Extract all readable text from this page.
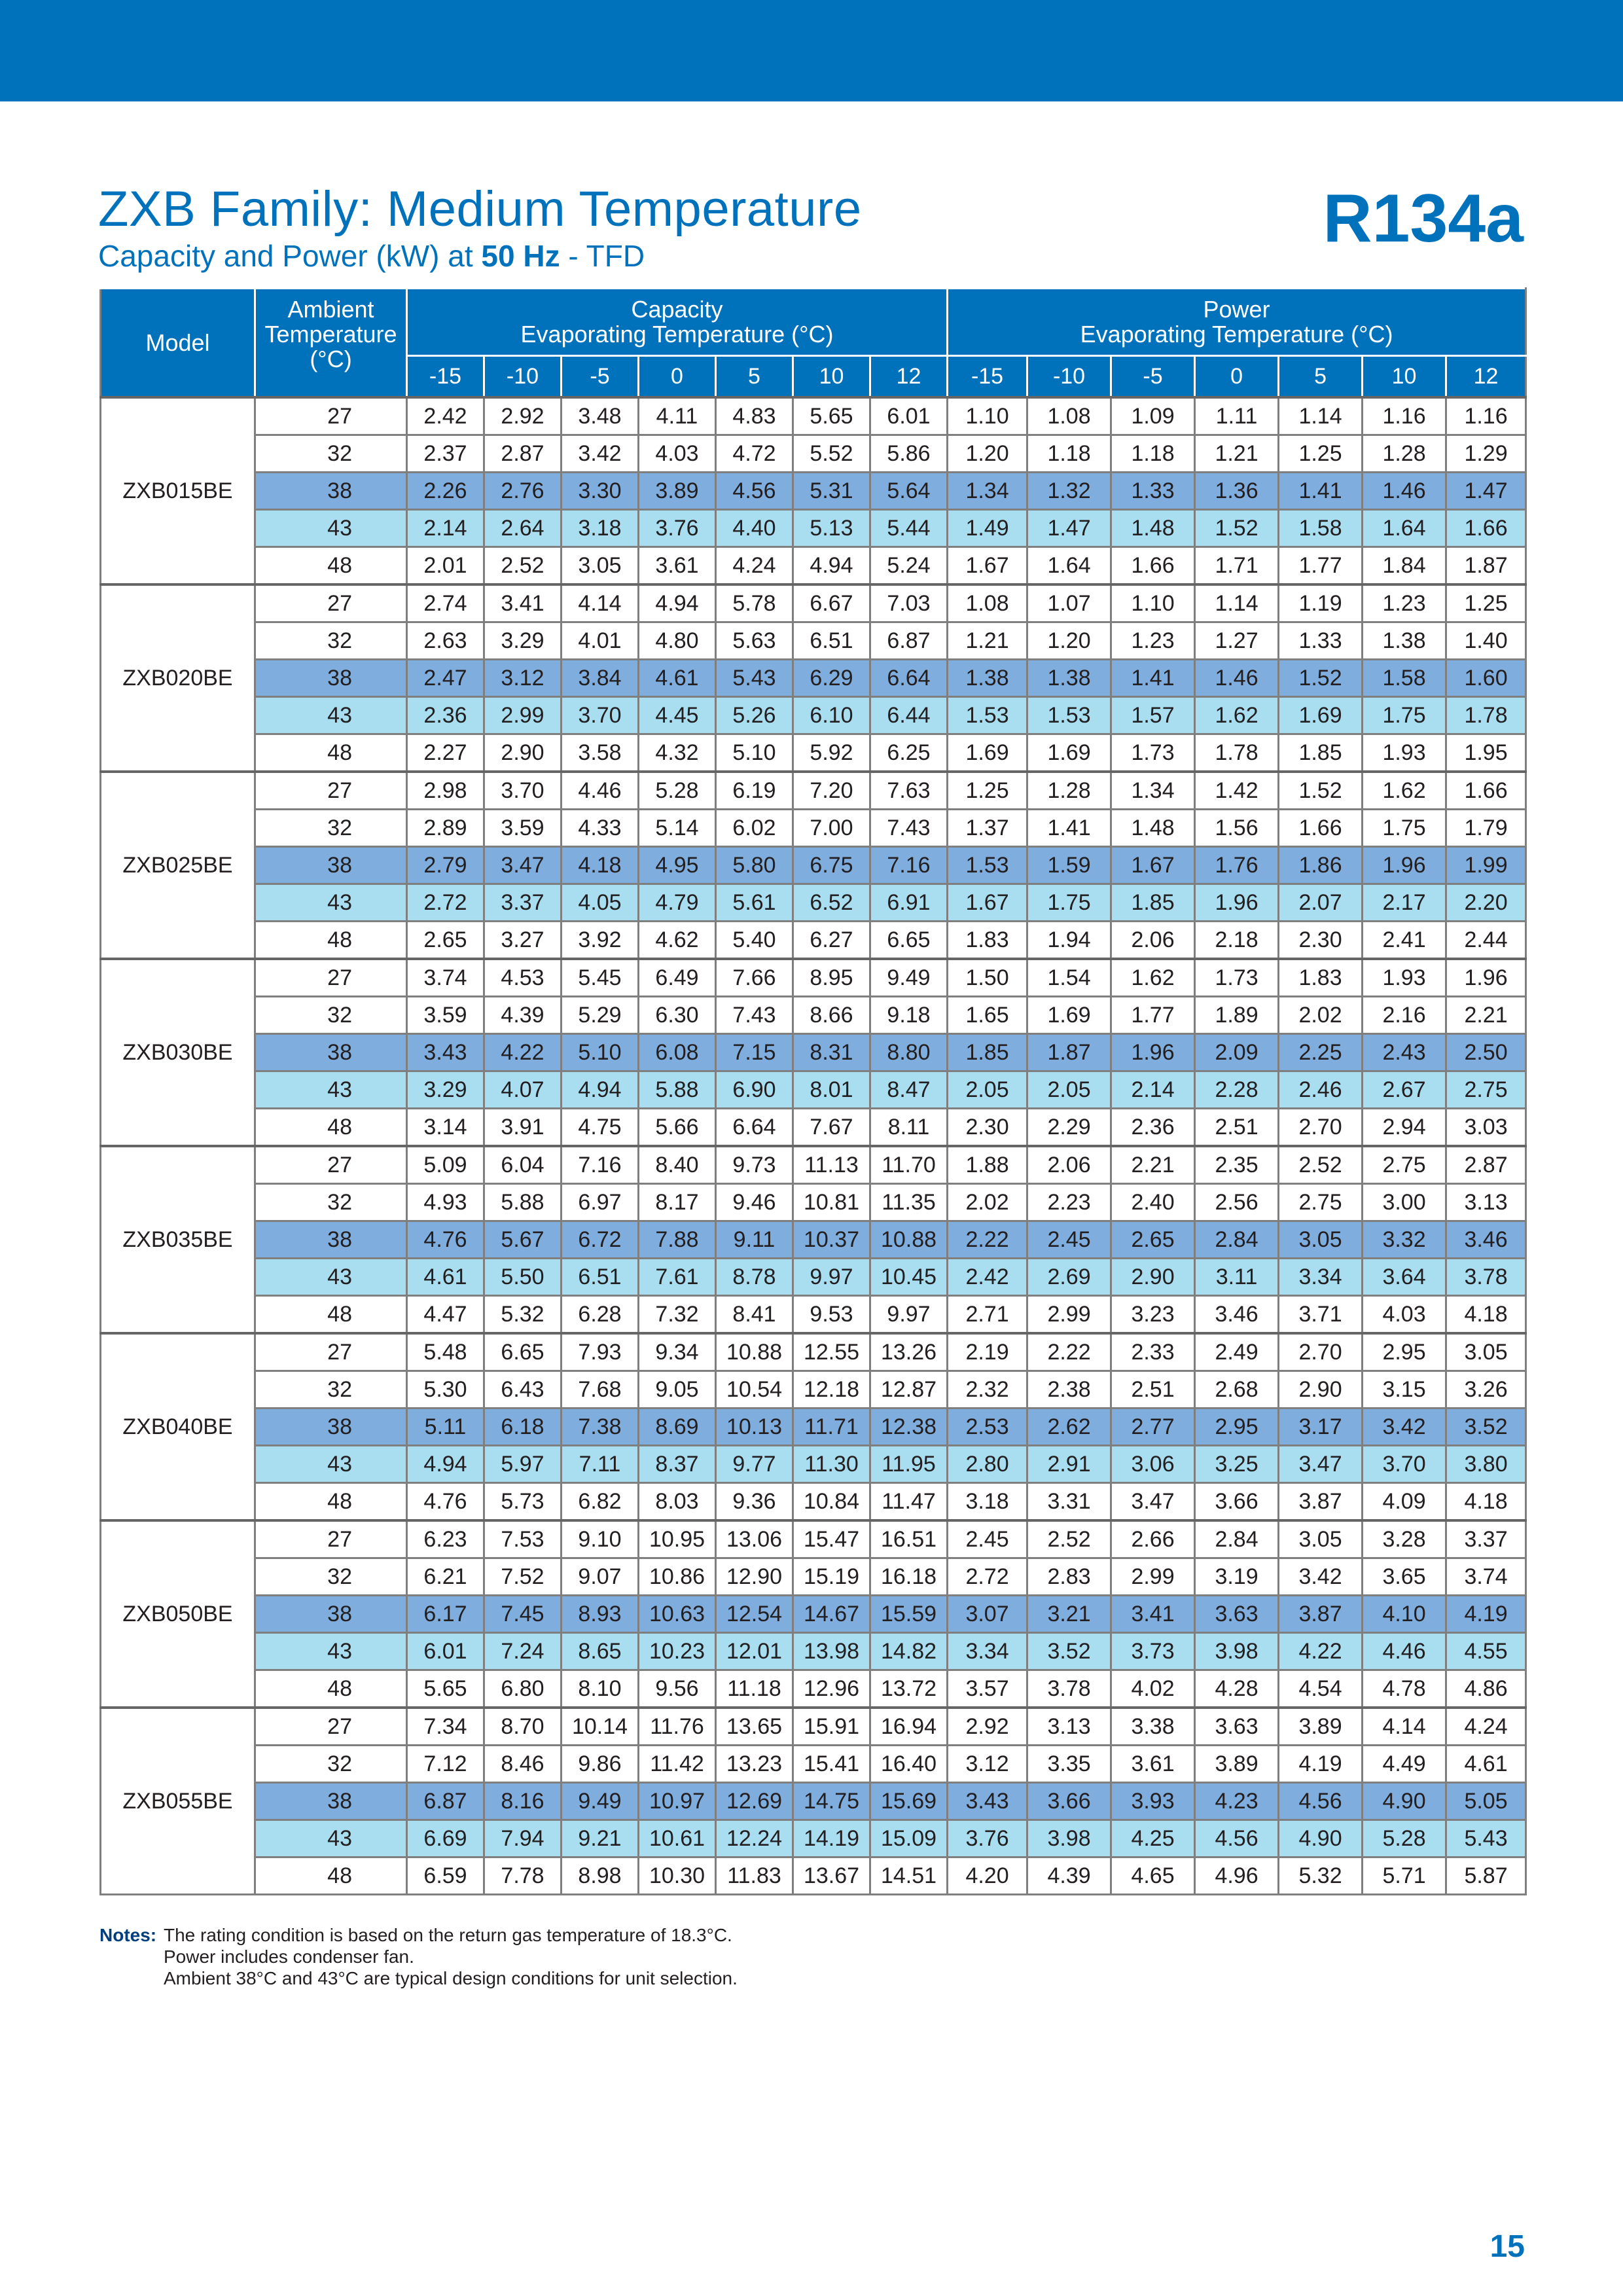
ZXB Family: Medium Temperature
Capacity and Power (kW) at 50 Hz - TFD	R134a
Model	Ambient
Temperature
(°C)	Capacity
Evaporating Temperature (°C)							Power
Evaporating Temperature (°C)						
		-15	-10	-5	0	5	10	12	-15	-10	-5	0	5	10	12
ZXB015BE	27	2.42	2.92	3.48	4.11	4.83	5.65	6.01	1.10	1.08	1.09	1.11	1.14	1.16	1.16
	32	2.37	2.87	3.42	4.03	4.72	5.52	5.86	1.20	1.18	1.18	1.21	1.25	1.28	1.29
	38	2.26	2.76	3.30	3.89	4.56	5.31	5.64	1.34	1.32	1.33	1.36	1.41	1.46	1.47
	43	2.14	2.64	3.18	3.76	4.40	5.13	5.44	1.49	1.47	1.48	1.52	1.58	1.64	1.66
	48	2.01	2.52	3.05	3.61	4.24	4.94	5.24	1.67	1.64	1.66	1.71	1.77	1.84	1.87
ZXB020BE	27	2.74	3.41	4.14	4.94	5.78	6.67	7.03	1.08	1.07	1.10	1.14	1.19	1.23	1.25
	32	2.63	3.29	4.01	4.80	5.63	6.51	6.87	1.21	1.20	1.23	1.27	1.33	1.38	1.40
	38	2.47	3.12	3.84	4.61	5.43	6.29	6.64	1.38	1.38	1.41	1.46	1.52	1.58	1.60
	43	2.36	2.99	3.70	4.45	5.26	6.10	6.44	1.53	1.53	1.57	1.62	1.69	1.75	1.78
	48	2.27	2.90	3.58	4.32	5.10	5.92	6.25	1.69	1.69	1.73	1.78	1.85	1.93	1.95
ZXB025BE	27	2.98	3.70	4.46	5.28	6.19	7.20	7.63	1.25	1.28	1.34	1.42	1.52	1.62	1.66
	32	2.89	3.59	4.33	5.14	6.02	7.00	7.43	1.37	1.41	1.48	1.56	1.66	1.75	1.79
	38	2.79	3.47	4.18	4.95	5.80	6.75	7.16	1.53	1.59	1.67	1.76	1.86	1.96	1.99
	43	2.72	3.37	4.05	4.79	5.61	6.52	6.91	1.67	1.75	1.85	1.96	2.07	2.17	2.20
	48	2.65	3.27	3.92	4.62	5.40	6.27	6.65	1.83	1.94	2.06	2.18	2.30	2.41	2.44
ZXB030BE	27	3.74	4.53	5.45	6.49	7.66	8.95	9.49	1.50	1.54	1.62	1.73	1.83	1.93	1.96
	32	3.59	4.39	5.29	6.30	7.43	8.66	9.18	1.65	1.69	1.77	1.89	2.02	2.16	2.21
	38	3.43	4.22	5.10	6.08	7.15	8.31	8.80	1.85	1.87	1.96	2.09	2.25	2.43	2.50
	43	3.29	4.07	4.94	5.88	6.90	8.01	8.47	2.05	2.05	2.14	2.28	2.46	2.67	2.75
	48	3.14	3.91	4.75	5.66	6.64	7.67	8.11	2.30	2.29	2.36	2.51	2.70	2.94	3.03
ZXB035BE	27	5.09	6.04	7.16	8.40	9.73	11.13	11.70	1.88	2.06	2.21	2.35	2.52	2.75	2.87
	32	4.93	5.88	6.97	8.17	9.46	10.81	11.35	2.02	2.23	2.40	2.56	2.75	3.00	3.13
	38	4.76	5.67	6.72	7.88	9.11	10.37	10.88	2.22	2.45	2.65	2.84	3.05	3.32	3.46
	43	4.61	5.50	6.51	7.61	8.78	9.97	10.45	2.42	2.69	2.90	3.11	3.34	3.64	3.78
	48	4.47	5.32	6.28	7.32	8.41	9.53	9.97	2.71	2.99	3.23	3.46	3.71	4.03	4.18
ZXB040BE	27	5.48	6.65	7.93	9.34	10.88	12.55	13.26	2.19	2.22	2.33	2.49	2.70	2.95	3.05
	32	5.30	6.43	7.68	9.05	10.54	12.18	12.87	2.32	2.38	2.51	2.68	2.90	3.15	3.26
	38	5.11	6.18	7.38	8.69	10.13	11.71	12.38	2.53	2.62	2.77	2.95	3.17	3.42	3.52
	43	4.94	5.97	7.11	8.37	9.77	11.30	11.95	2.80	2.91	3.06	3.25	3.47	3.70	3.80
	48	4.76	5.73	6.82	8.03	9.36	10.84	11.47	3.18	3.31	3.47	3.66	3.87	4.09	4.18
ZXB050BE	27	6.23	7.53	9.10	10.95	13.06	15.47	16.51	2.45	2.52	2.66	2.84	3.05	3.28	3.37
	32	6.21	7.52	9.07	10.86	12.90	15.19	16.18	2.72	2.83	2.99	3.19	3.42	3.65	3.74
	38	6.17	7.45	8.93	10.63	12.54	14.67	15.59	3.07	3.21	3.41	3.63	3.87	4.10	4.19
	43	6.01	7.24	8.65	10.23	12.01	13.98	14.82	3.34	3.52	3.73	3.98	4.22	4.46	4.55
	48	5.65	6.80	8.10	9.56	11.18	12.96	13.72	3.57	3.78	4.02	4.28	4.54	4.78	4.86
ZXB055BE	27	7.34	8.70	10.14	11.76	13.65	15.91	16.94	2.92	3.13	3.38	3.63	3.89	4.14	4.24
	32	7.12	8.46	9.86	11.42	13.23	15.41	16.40	3.12	3.35	3.61	3.89	4.19	4.49	4.61
	38	6.87	8.16	9.49	10.97	12.69	14.75	15.69	3.43	3.66	3.93	4.23	4.56	4.90	5.05
	43	6.69	7.94	9.21	10.61	12.24	14.19	15.09	3.76	3.98	4.25	4.56	4.90	5.28	5.43
	48	6.59	7.78	8.98	10.30	11.83	13.67	14.51	4.20	4.39	4.65	4.96	5.32	5.71	5.87
Notes: The rating condition is based on the return gas temperature of 18.3°C.
Power includes condenser fan.
Ambient 38°C and 43°C are typical design conditions for unit selection.
15
